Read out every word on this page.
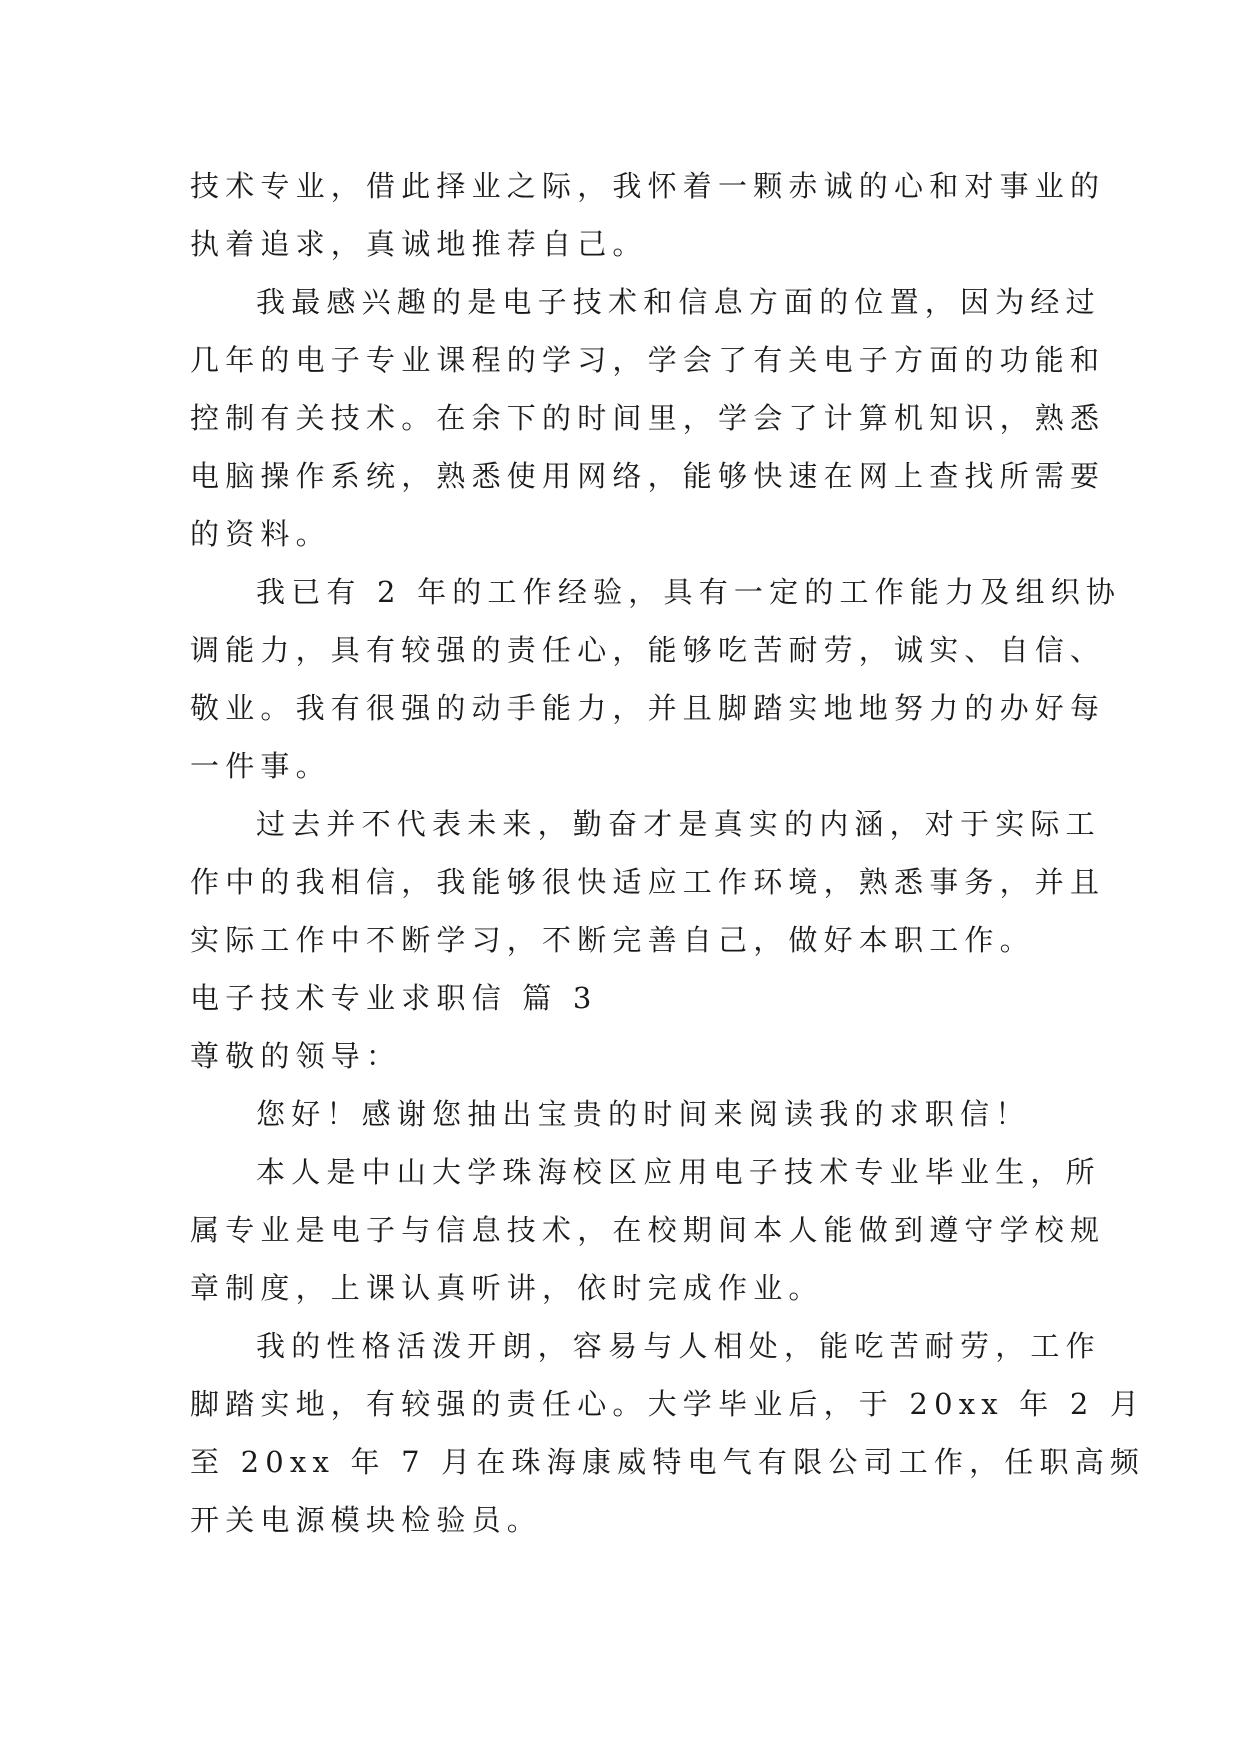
技术专业，借此择业之际，我怀着一颗赤诚的心和对事业的

执着追求，真诚地推荐自己。

我最感兴趣的是电子技术和信息方面的位置，因为经过

几年的电子专业课程的学习，学会了有关电子方面的功能和

控制有关技术。在余下的时间里，学会了计算机知识，熟悉

电脑操作系统，熟悉使用网络，能够快速在网上查找所需要

的资料。

我已有 2 年的工作经验，具有一定的工作能力及组织协

调能力，具有较强的责任心，能够吃苦耐劳，诚实、自信、

敬业。我有很强的动手能力，并且脚踏实地地努力的办好每

一件事。

过去并不代表未来，勤奋才是真实的内涵，对于实际工

作中的我相信，我能够很快适应工作环境，熟悉事务，并且

实际工作中不断学习，不断完善自己，做好本职工作。

电子技术专业求职信 篇 3

尊敬的领导：

您好！感谢您抽出宝贵的时间来阅读我的求职信！

本人是中山大学珠海校区应用电子技术专业毕业生，所

属专业是电子与信息技术，在校期间本人能做到遵守学校规

章制度，上课认真听讲，依时完成作业。

我的性格活泼开朗，容易与人相处，能吃苦耐劳，工作

脚踏实地，有较强的责任心。大学毕业后，于 20xx 年 2 月

至 20xx 年 7 月在珠海康威特电气有限公司工作，任职高频

开关电源模块检验员。
